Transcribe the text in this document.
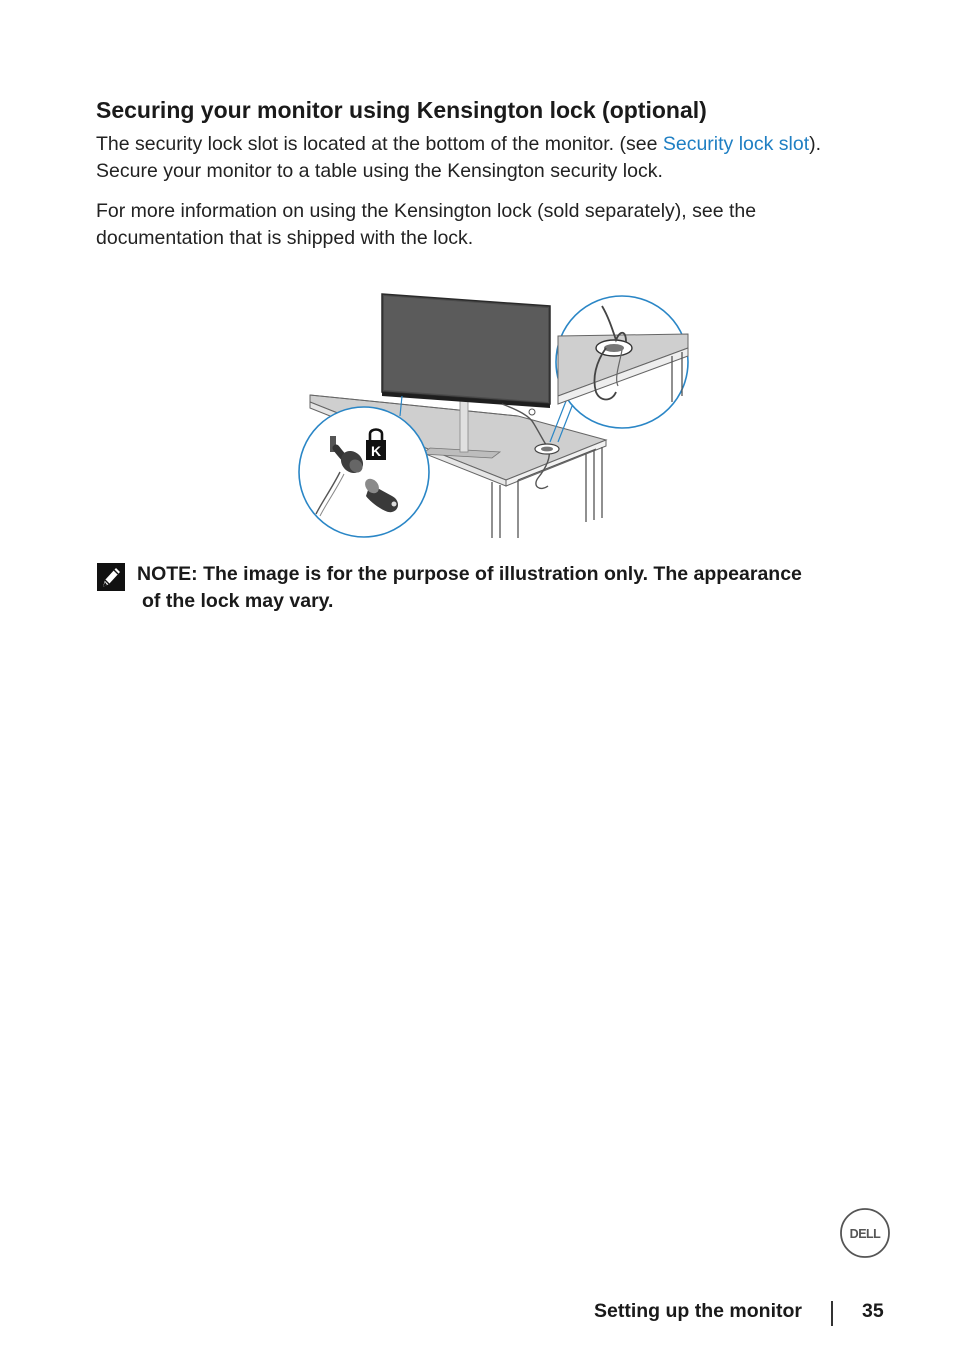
Securing your monitor using Kensington lock (optional)

The security lock slot is located at the bottom of the monitor. (see Security lock slot). Secure your monitor to a table using the Kensington security lock.

For more information on using the Kensington lock (sold separately), see the documentation that is shipped with the lock.

K

NOTE: The image is for the purpose of illustration only. The appearance
of the lock may vary.

DELL
Setting up the monitor	35
